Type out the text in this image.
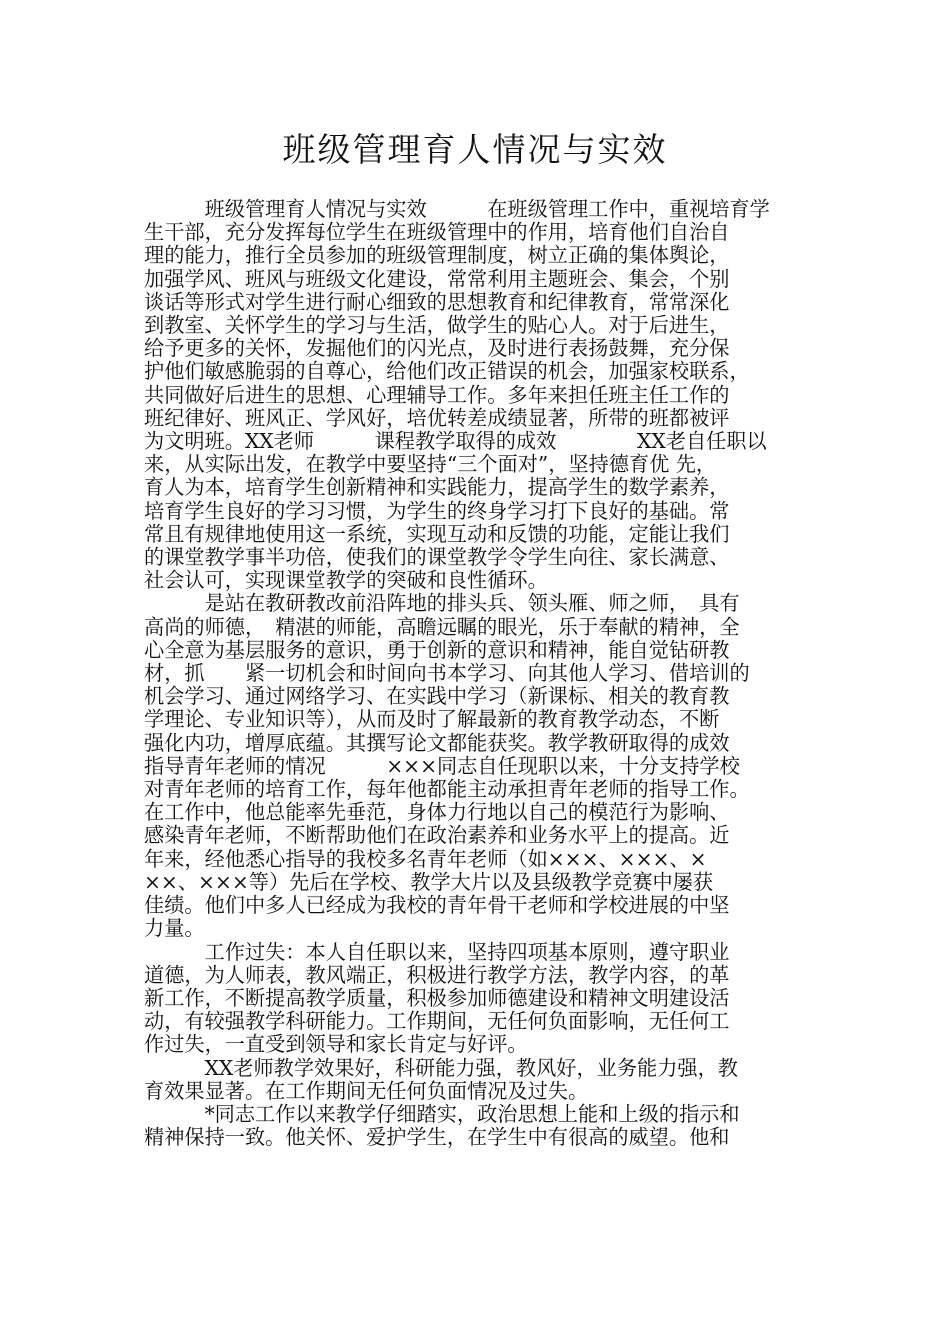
班级管理育人情况与实效
　　　班级管理育人情况与实效　　　在班级管理工作中，重视培育学
生干部，充分发挥每位学生在班级管理中的作用，培育他们自治自
理的能力，推行全员参加的班级管理制度，树立正确的集体舆论，
加强学风、班风与班级文化建设，常常利用主题班会、集会，个别
谈话等形式对学生进行耐心细致的思想教育和纪律教育，常常深化
到教室、关怀学生的学习与生活，做学生的贴心人。对于后进生，
给予更多的关怀，发掘他们的闪光点，及时进行表扬鼓舞，充分保
护他们敏感脆弱的自尊心，给他们改正错误的机会，加强家校联系，
共同做好后进生的思想、心理辅导工作。多年来担任班主任工作的
班纪律好、班风正、学风好，培优转差成绩显著，所带的班都被评
为文明班。XX老师　　　课程教学取得的成效　　　　XX老自任职以
来，从实际出发，在教学中要坚持“三个面对”，坚持德育优 先，
育人为本，培育学生创新精神和实践能力，提高学生的数学素养，
培育学生良好的学习习惯，为学生的终身学习打下良好的基础。常
常且有规律地使用这一系统，实现互动和反馈的功能，定能让我们
的课堂教学事半功倍，使我们的课堂教学令学生向往、家长满意、
社会认可，实现课堂教学的突破和良性循环。
　　　是站在教研教改前沿阵地的排头兵、领头雁、师之师，　具有
高尚的师德，　精湛的师能，高瞻远瞩的眼光，乐于奉献的精神，全
心全意为基层服务的意识，勇于创新的意识和精神，能自觉钻研教
材，抓　　紧一切机会和时间向书本学习、向其他人学习、借培训的
机会学习、通过网络学习、在实践中学习（新课标、相关的教育教
学理论、专业知识等），从而及时了解最新的教育教学动态，不断
强化内功，增厚底蕴。其撰写论文都能获奖。教学教研取得的成效
指导青年老师的情况　　　×××同志自任现职以来，十分支持学校
对青年老师的培育工作，每年他都能主动承担青年老师的指导工作。
在工作中，他总能率先垂范，身体力行地以自己的模范行为影响、
感染青年老师，不断帮助他们在政治素养和业务水平上的提高。近
年来，经他悉心指导的我校多名青年老师（如×××、×××、×
××、×××等）先后在学校、教学大片以及县级教学竞赛中屡获
佳绩。他们中多人已经成为我校的青年骨干老师和学校进展的中坚
力量。
　　　工作过失：本人自任职以来，坚持四项基本原则，遵守职业
道德，为人师表，教风端正，积极进行教学方法，教学内容，的革
新工作，不断提高教学质量，积极参加师德建设和精神文明建设活
动，有较强教学科研能力。工作期间，无任何负面影响，无任何工
作过失，一直受到领导和家长肯定与好评。
　　　XX老师教学效果好，科研能力强，教风好，业务能力强，教
育效果显著。在工作期间无任何负面情况及过失。
　　　*同志工作以来教学仔细踏实，政治思想上能和上级的指示和
精神保持一致。他关怀、爱护学生，在学生中有很高的威望。他和
